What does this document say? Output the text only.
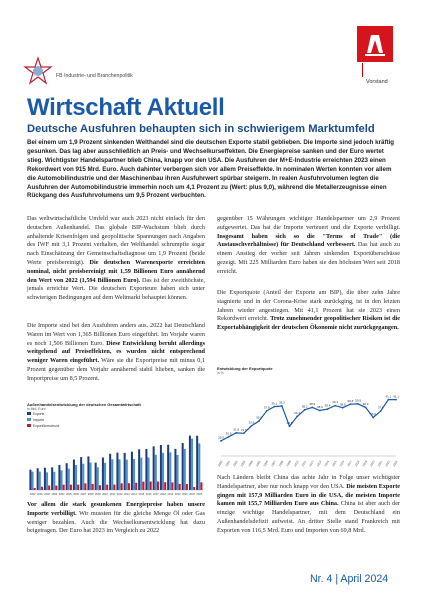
FB Industrie- und Branchenpolitik
Vorstand
Wirtschaft Aktuell
Deutsche Ausfuhren behaupten sich in schwierigem Marktumfeld
Bei einem um 1,9 Prozent sinkenden Welthandel sind die deutschen Exporte stabil geblieben. Die Importe sind jedoch kräftig gesunken. Das lag aber ausschließlich an Preis- und Wechselkurseffekten. Die Energiepreise sanken und der Euro wertet stieg. Wichtigster Handelspartner blieb China, knapp vor den USA. Die Ausfuhren der M+E-Industrie erreichten 2023 einen Rekordwert von 915 Mrd. Euro. Auch dahinter verbergen sich vor allem Preiseffekte. In nominalen Werten konnten vor allem die Automobilindustrie und der Maschinenbau ihren Ausfuhrwert spürbar steigern. In realen Ausfuhrvolumen legten die Ausfuhren der Automobilindustrie immerhin noch um 4,1 Prozent zu (Wert: plus 9,0), während die Metallerzeugnisse einen Rückgang des Ausfuhrvolumens um 9,5 Prozent verbuchten.
Das weltwirtschaftliche Umfeld war auch 2023 nicht einfach für den deutschen Außenhandel. Das globale BIP-Wachstum blieb durch anhaltende Krisenfolgen und geopolitische Spannungen nach Angaben des IWF mit 3,1 Prozent verhalten, der Welthandel schrumpfte sogar nach Einschätzung der Gemeinschaftsdiagnose um 1,9 Prozent (beide Werte preisbereinigt). Die deutschen Warenexporte erreichten nominal, nicht preisbereinigt mit 1,59 Billionen Euro annähernd den Wert von 2022 (1,594 Billionen Euro). Das ist der zweithöchste, jemals erreichte Wert. Die deutschen Exporteure haben sich unter schwierigen Bedingungen auf dem Weltmarkt behauptet können.
Die Importe sind bei den Ausfuhren anders aus. 2022 hat Deutschland Waren im Wert von 1,365 Billionen Euro eingeführt. Im Vorjahr waren es noch 1,506 Billionen Euro. Diese Entwicklung beruht allerdings weitgehend auf Preiseffekten, es wurden nicht entsprechend weniger Waren eingeführt. Wäre sie die Exportpreise mit minus 0,1 Prozent gegenüber dem Vorjahr annähernd stabil blieben, sanken die Importpreise um 8,5 Prozent.
Außenhandelsentwicklung der deutschen Gesamtwirtschaft
in Mrd. Euro
Exporte
Importe
Exportüberschuss
2000 2001 2002 2003 2004 2005 2006 2007 2008 2009 2010 2011 2012 2013 2014 2015 2016 2017 2018 2019 2020 2021 2022 2023
Vor allem die stark gesunkenen Energiepreise haben unsere Importe verbilligt. Wir mussten für die gleiche Menge Öl oder Gas weniger bezahlen. Auch die Wechselkursentwicklung hat dazu beigetragen. Der Euro hat 2023 im Vergleich zu 2022
gegenüber 15 Währungen wichtiger Handelspartner um 2,9 Prozent aufgewertet. Das hat die Importe verteuert und die Exporte verbilligt. Insgesamt haben sich so die "Terms of Trade" (die Austauschverhältnisse) für Deutschland verbessert. Das hat auch zu einem Anstieg der vorher seit Jahren sinkenden Exportüberschüsse gezeigt. Mit 225 Milliarden Euro haben sie den höchsten Wert seit 2018 erreicht.
Die Exportquote (Anteil der Exporte am BIP), die über zehn Jahre stagnierte und in der Corona-Krise stark zurückging, ist in den letzten Jahren wieder angestiegen. Mit 41,1 Prozent hat sie 2023 einen Rekordwert erreicht. Trotz zunehmender geopolitischer Risiken ist die Exportabhängigkeit der deutschen Ökonomie nicht zurückgegangen.
Entwicklung der Exportquote
in %
29,3
2000
30,5
2001
31,6
2002
31,5
2003
33,6
2004
35,0
2005
37,9
2006
39,1
2007
39,3
2008
33,5
2009
36,3
2010
38,2
2011
38,9
2012
38,0
2013
38,4
2014
39,4
2015
38,8
2016
39,8
2017
39,9
2018
38,9
2019
36,0
2020
37,9
2021
41,1
2022
41,1
2023
Nach Ländern bleibt China das achte Jahr in Folge unser wichtigster Handelspartner, aber nur noch knapp vor den USA. Die meisten Exporte gingen mit 157,9 Milliarden Euro in die USA, die meisten Importe kamen mit 155,7 Milliarden Euro aus China. China ist aber auch der einzige wichtige Handelspartner, mit dem Deutschland ein Außenhandelsdefizit aufweist. An dritter Stelle stand Frankreich mit Exporten von 116,5 Mrd. Euro und Importen von 69,8 Mrd.
Nr. 4 | April 2024
